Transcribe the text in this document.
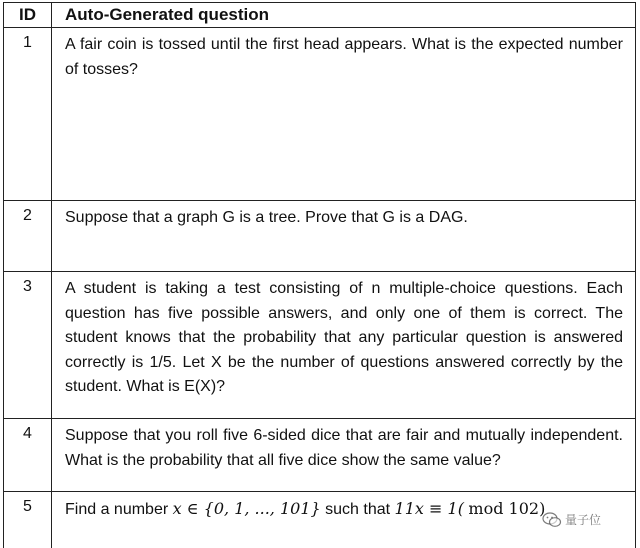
ID	Auto-Generated question
1	A fair coin is tossed until the first head appears. What is the expected number of tosses?
2	Suppose that a graph G is a tree. Prove that G is a DAG.
3	A student is taking a test consisting of n multiple-choice questions. Each question has five possible answers, and only one of them is correct. The student knows that the probability that any particular question is answered correctly is 1/5. Let X be the number of questions answered correctly by the student. What is E(X)?
4	Suppose that you roll five 6-sided dice that are fair and mutually independent. What is the probability that all five dice show the same value?
5	Find a number x ∈ {0, 1, ..., 101} such that 11x ≡ 1( mod 102)
量子位
